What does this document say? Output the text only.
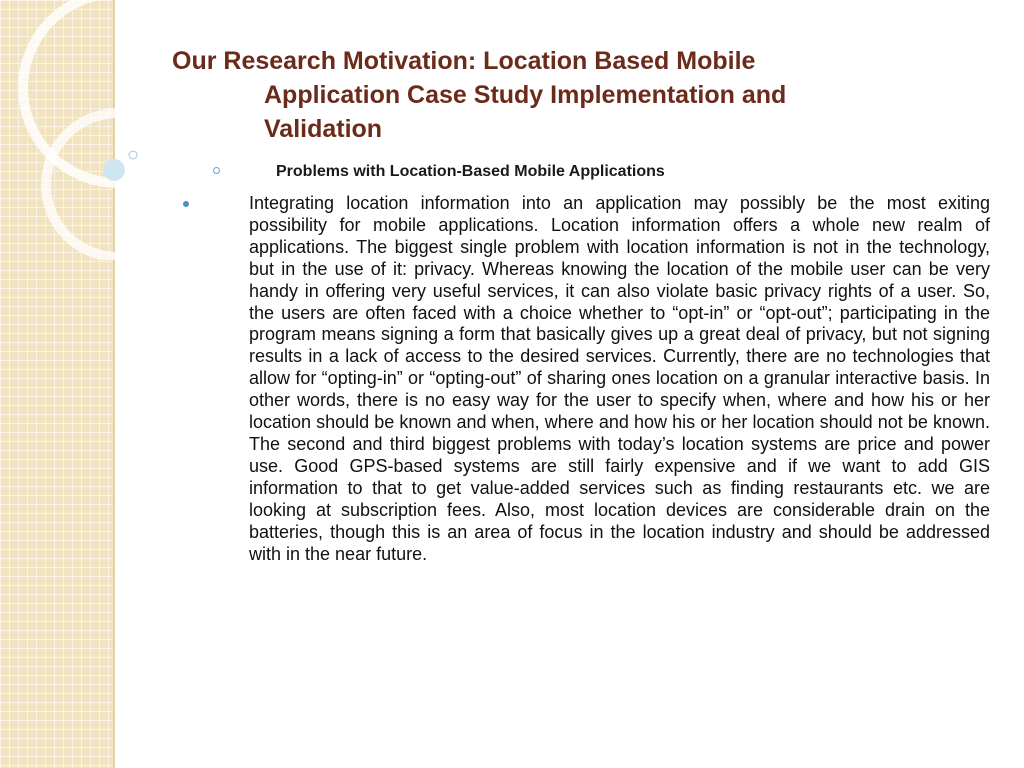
Our Research Motivation: Location Based Mobile
Application Case Study Implementation and
Validation
Problems with Location-Based Mobile Applications

Integrating location information into an application may possibly be the most exiting possibility for mobile applications. Location information offers a whole new realm of applications. The biggest single problem with location information is not in the technology, but in the use of it: privacy. Whereas knowing the location of the mobile user can be very handy in offering very useful services, it can also violate basic privacy rights of a user. So, the users are often faced with a choice whether to “opt-in” or “opt-out”; participating in the program means signing a form that basically gives up a great deal of privacy, but not signing results in a lack of access to the desired services. Currently, there are no technologies that allow for “opting-in” or “opting-out” of sharing ones location on a granular interactive basis. In other words, there is no easy way for the user to specify when, where and how his or her location should be known and when, where and how his or her location should not be known. The second and third biggest problems with today’s location systems are price and power use. Good GPS-based systems are still fairly expensive and if we want to add GIS information to that to get value-added services such as finding restaurants etc. we are looking at subscription fees. Also, most location devices are considerable drain on the batteries, though this is an area of focus in the location industry and should be addressed with in the near future.
